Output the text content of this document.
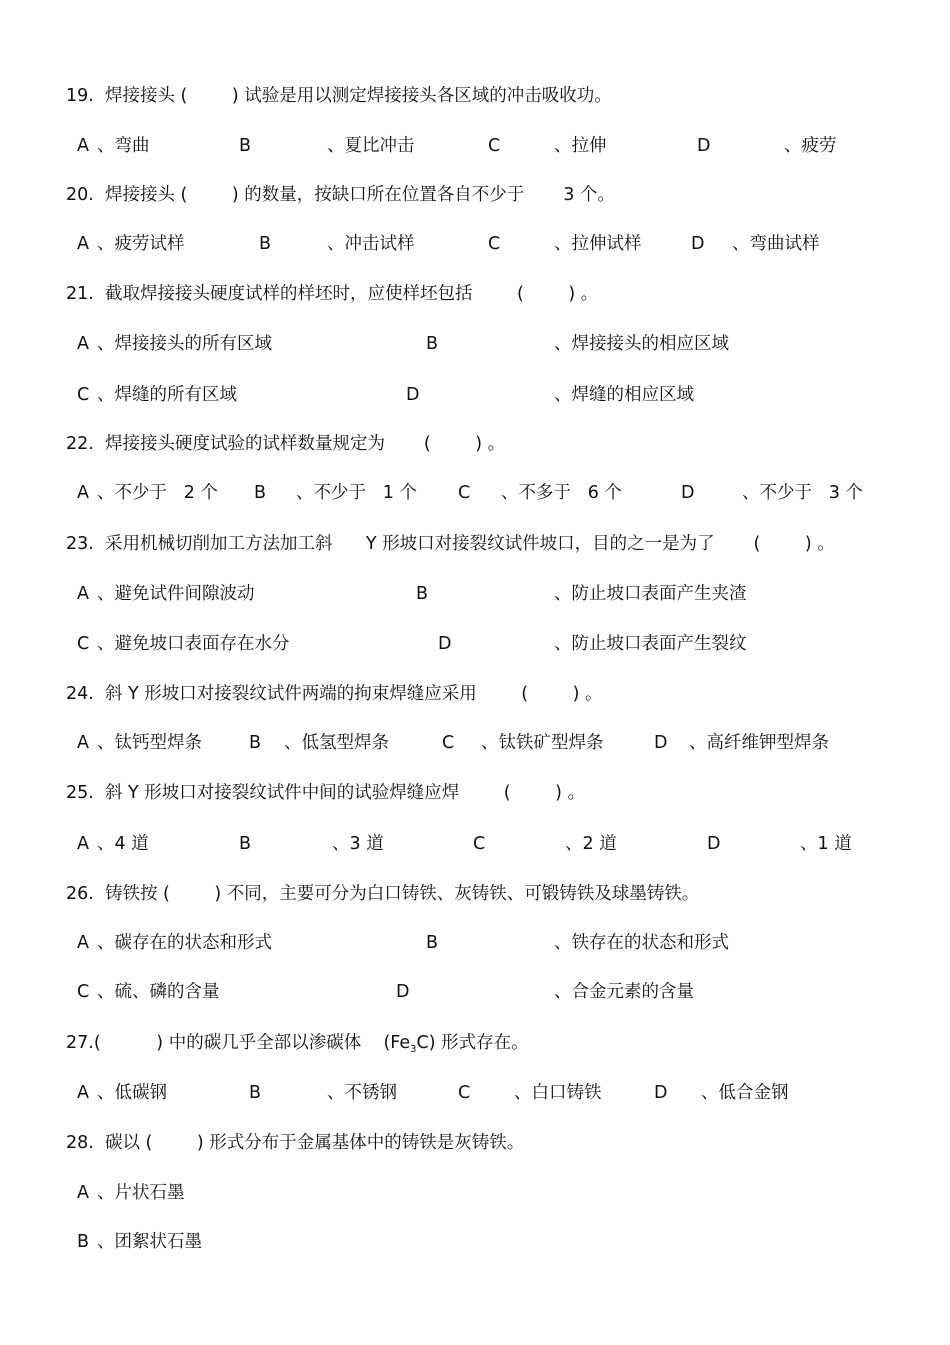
19. 焊接接头 (        ) 试验是用以测定焊接接头各区域的冲击吸收功。
A 、弯曲	B	、夏比冲击	C	、拉伸	D	、疲劳
20. 焊接接头 (        ) 的数量，按缺口所在位置各自不少于       3 个。
A 、疲劳试样	B	、冲击试样	C	、拉伸试样	D 、弯曲试样
21. 截取焊接接头硬度试样的样坯时，应使样坯包括        (        ) 。
A 、焊接接头的所有区域	B	、焊接接头的相应区域
C 、焊缝的所有区域	D	、焊缝的相应区域
22. 焊接接头硬度试验的试样数量规定为       (        ) 。
A 、不少于   2 个 B 、不少于   1 个 C 、不多于   6 个	D	、不少于   3 个
23. 采用机械切削加工方法加工斜      Y 形坡口对接裂纹试件坡口，目的之一是为了       (        ) 。
A 、避免试件间隙波动	B	、防止坡口表面产生夹渣
C 、避免坡口表面存在水分	D	、防止坡口表面产生裂纹
24. 斜 Y 形坡口对接裂纹试件两端的拘束焊缝应采用        (        ) 。
A 、钛钙型焊条	B 、低氢型焊条	C 、钛铁矿型焊条	D 、高纤维钾型焊条
25. 斜 Y 形坡口对接裂纹试件中间的试验焊缝应焊        (        ) 。
A 、4 道	B	、3 道	C	、2 道	D	、1 道
26. 铸铁按 (        ) 不同，主要可分为白口铸铁、灰铸铁、可锻铸铁及球墨铸铁。
A 、碳存在的状态和形式	B	、铁存在的状态和形式
C 、硫、磷的含量	D	、合金元素的含量
27.(          ) 中的碳几乎全部以渗碳体    $(Fe_3C)$ 形式存在。
A 、低碳钢	B	、不锈钢	C	、白口铸铁	D 、低合金钢
28. 碳以 (        ) 形式分布于金属基体中的铸铁是灰铸铁。
A 、片状石墨
B 、团絮状石墨
